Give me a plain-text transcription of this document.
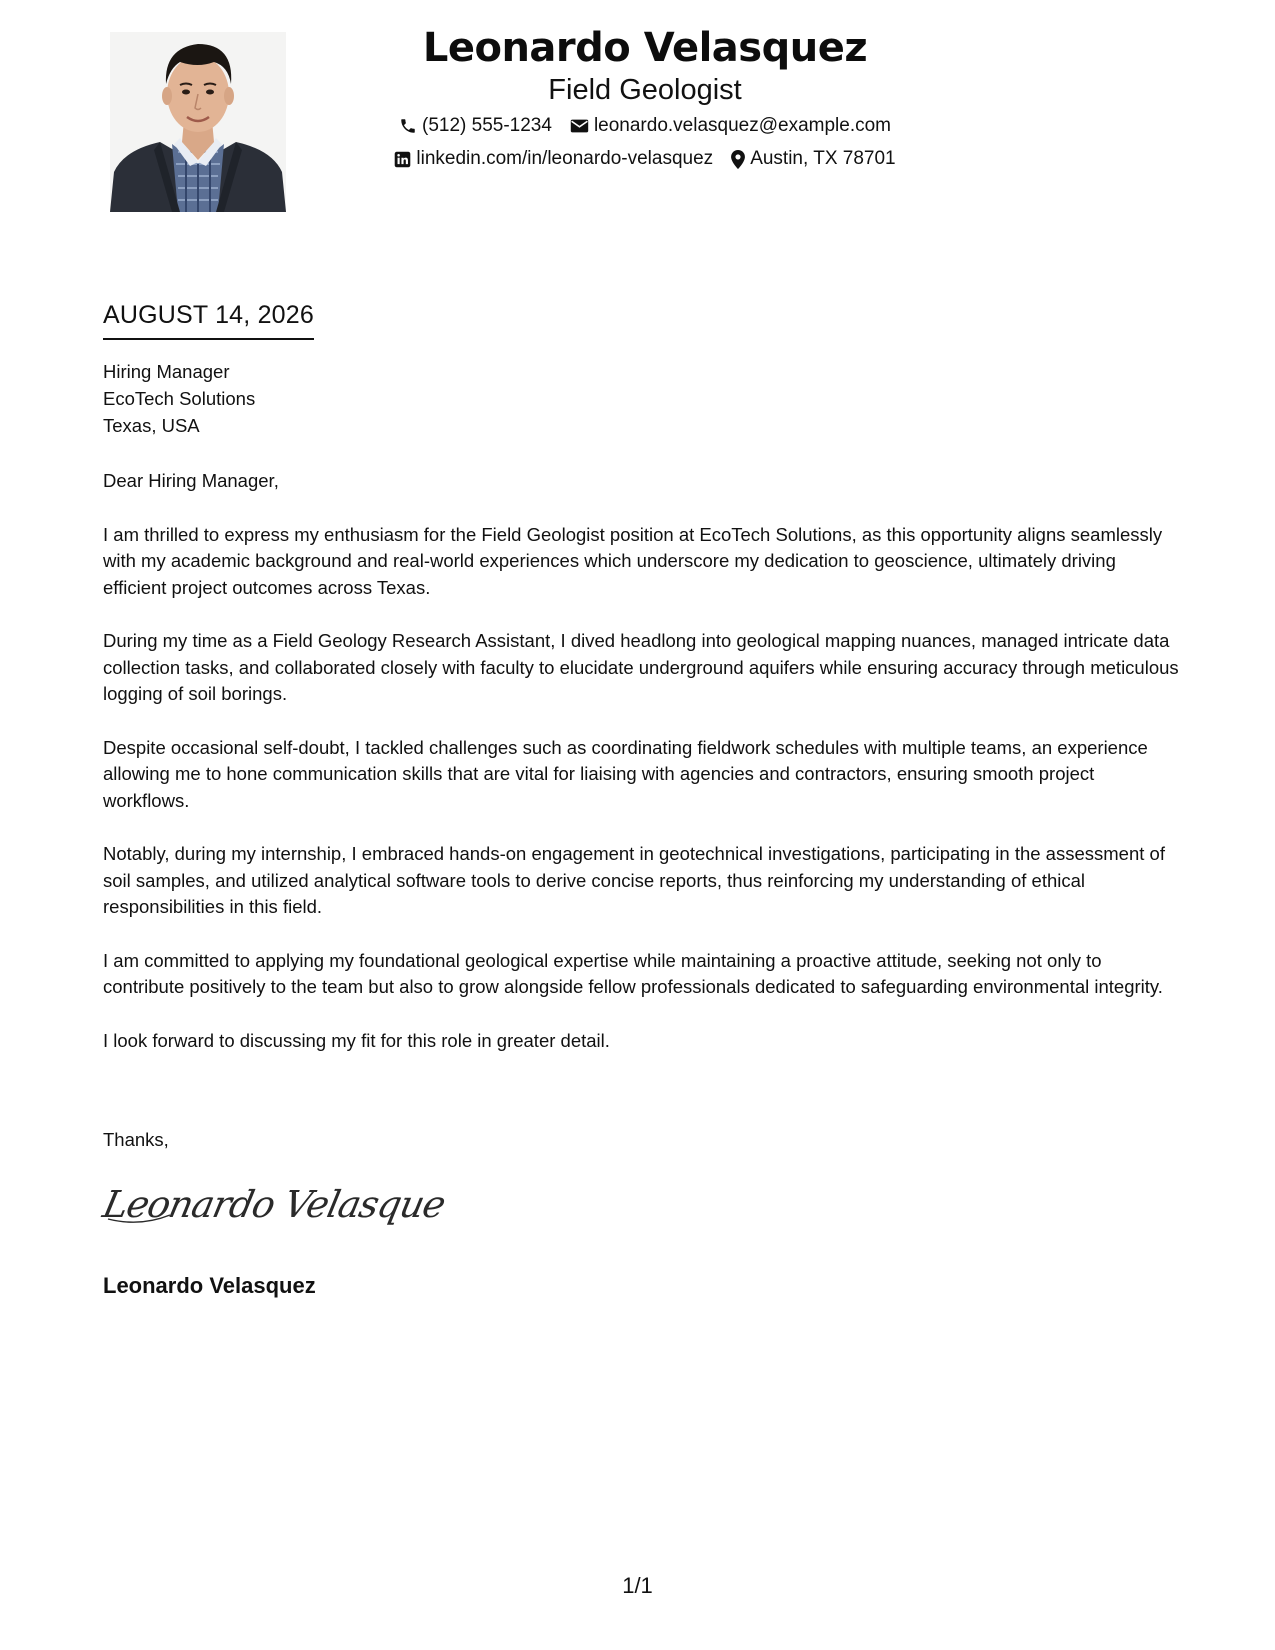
Leonardo Velasquez
Field Geologist
(512) 555-1234 leonardo.velasquez@example.com
linkedin.com/in/leonardo-velasquez Austin, TX 78701
AUGUST 14, 2026
Hiring Manager
EcoTech Solutions
Texas, USA
Dear Hiring Manager,

I am thrilled to express my enthusiasm for the Field Geologist position at EcoTech Solutions, as this opportunity aligns seamlessly with my academic background and real-world experiences which underscore my dedication to geoscience, ultimately driving efficient project outcomes across Texas.

During my time as a Field Geology Research Assistant, I dived headlong into geological mapping nuances, managed intricate data collection tasks, and collaborated closely with faculty to elucidate underground aquifers while ensuring accuracy through meticulous logging of soil borings.

Despite occasional self-doubt, I tackled challenges such as coordinating fieldwork schedules with multiple teams, an experience allowing me to hone communication skills that are vital for liaising with agencies and contractors, ensuring smooth project workflows.

Notably, during my internship, I embraced hands-on engagement in geotechnical investigations, participating in the assessment of soil samples, and utilized analytical software tools to derive concise reports, thus reinforcing my understanding of ethical responsibilities in this field.

I am committed to applying my foundational geological expertise while maintaining a proactive attitude, seeking not only to contribute positively to the team but also to grow alongside fellow professionals dedicated to safeguarding environmental integrity.

I look forward to discussing my fit for this role in greater detail.

Thanks,
Leonardo Velasque
Leonardo Velasquez
1/1
